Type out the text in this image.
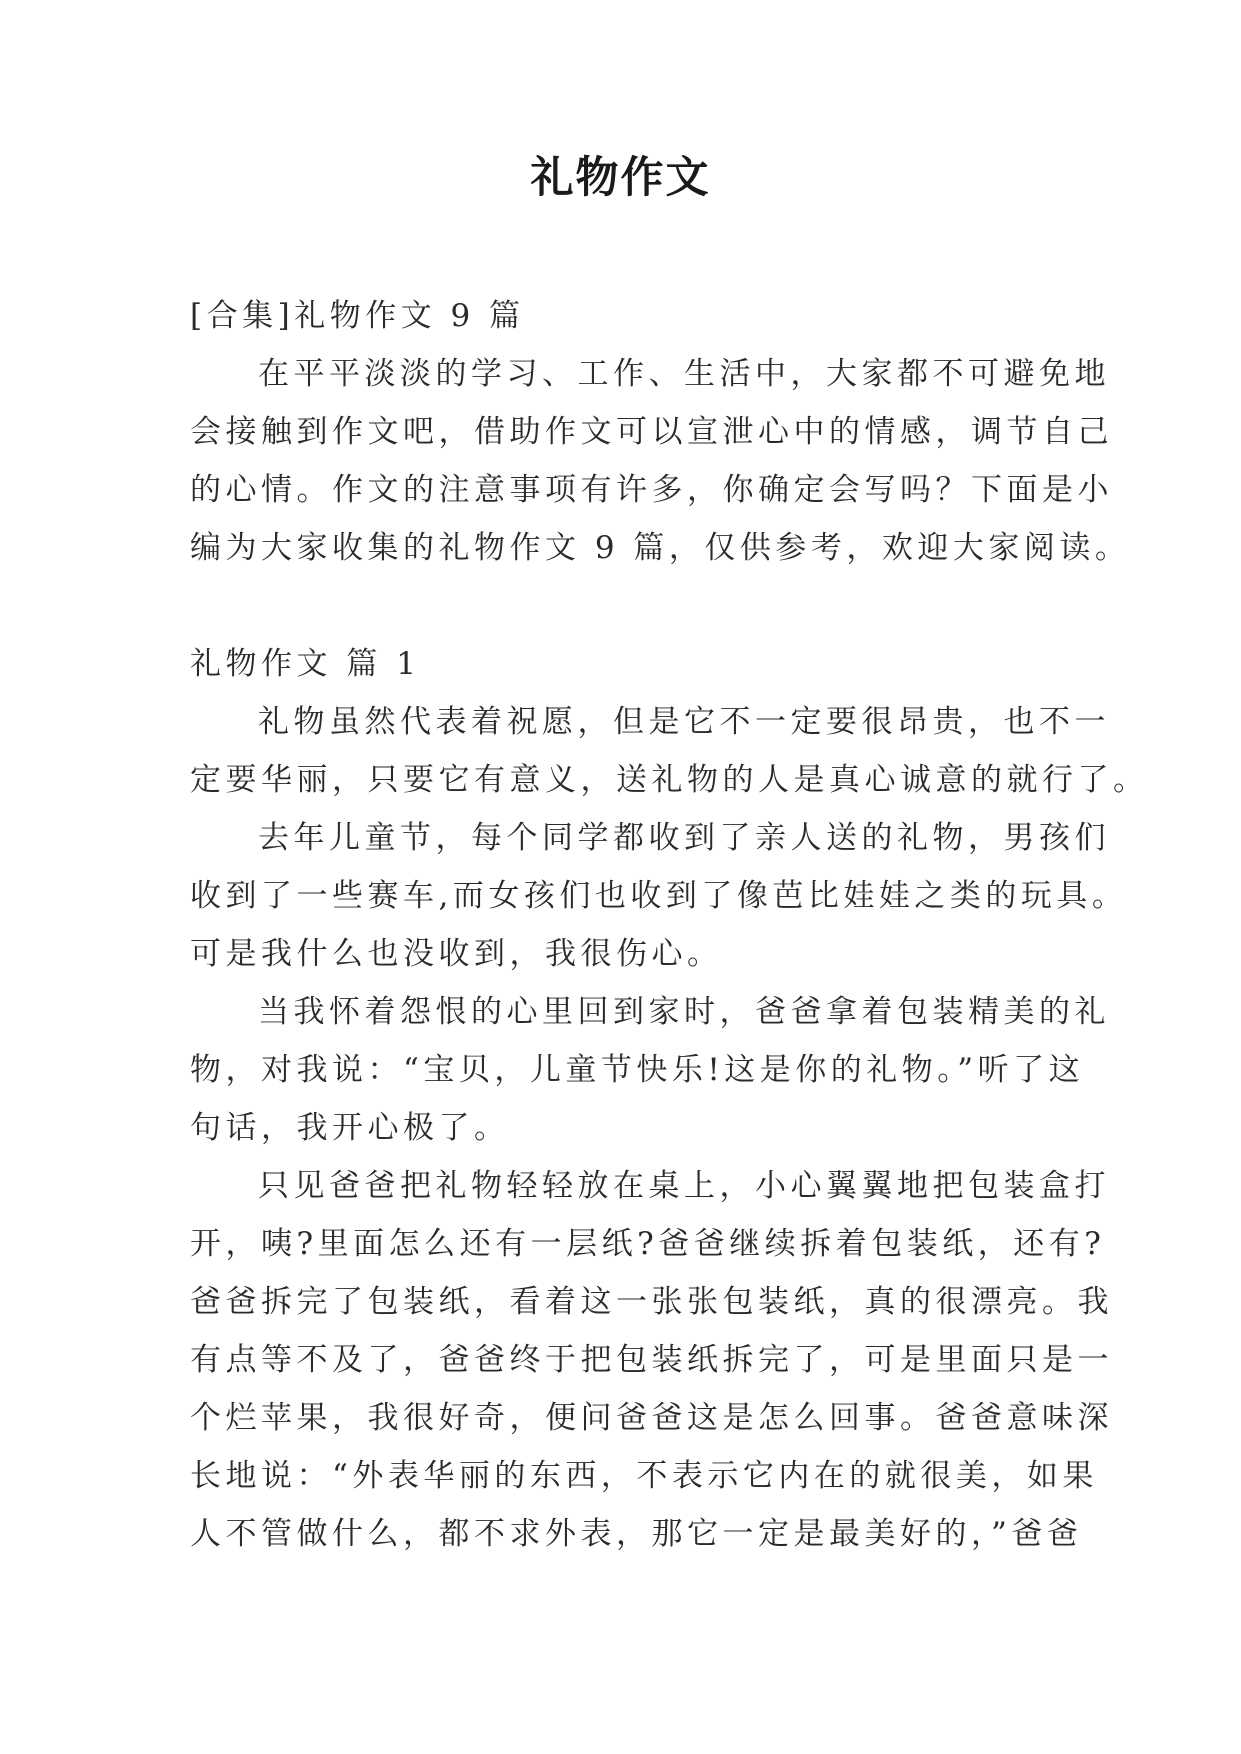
礼物作文
[合集]礼物作文 9 篇
在平平淡淡的学习、工作、生活中，大家都不可避免地
会接触到作文吧，借助作文可以宣泄心中的情感，调节自己
的心情。作文的注意事项有许多，你确定会写吗？下面是小
编为大家收集的礼物作文 9 篇，仅供参考，欢迎大家阅读。
礼物作文 篇 1
礼物虽然代表着祝愿，但是它不一定要很昂贵，也不一
定要华丽，只要它有意义，送礼物的人是真心诚意的就行了。
去年儿童节，每个同学都收到了亲人送的礼物，男孩们
收到了一些赛车,而女孩们也收到了像芭比娃娃之类的玩具。
可是我什么也没收到，我很伤心。
当我怀着怨恨的心里回到家时，爸爸拿着包装精美的礼
物，对我说：“宝贝，儿童节快乐!这是你的礼物。”听了这
句话，我开心极了。
只见爸爸把礼物轻轻放在桌上，小心翼翼地把包装盒打
开，咦?里面怎么还有一层纸?爸爸继续拆着包装纸，还有?
爸爸拆完了包装纸，看着这一张张包装纸，真的很漂亮。我
有点等不及了，爸爸终于把包装纸拆完了，可是里面只是一
个烂苹果，我很好奇，便问爸爸这是怎么回事。爸爸意味深
长地说：“外表华丽的东西，不表示它内在的就很美，如果
人不管做什么，都不求外表，那它一定是最美好的，”爸爸
